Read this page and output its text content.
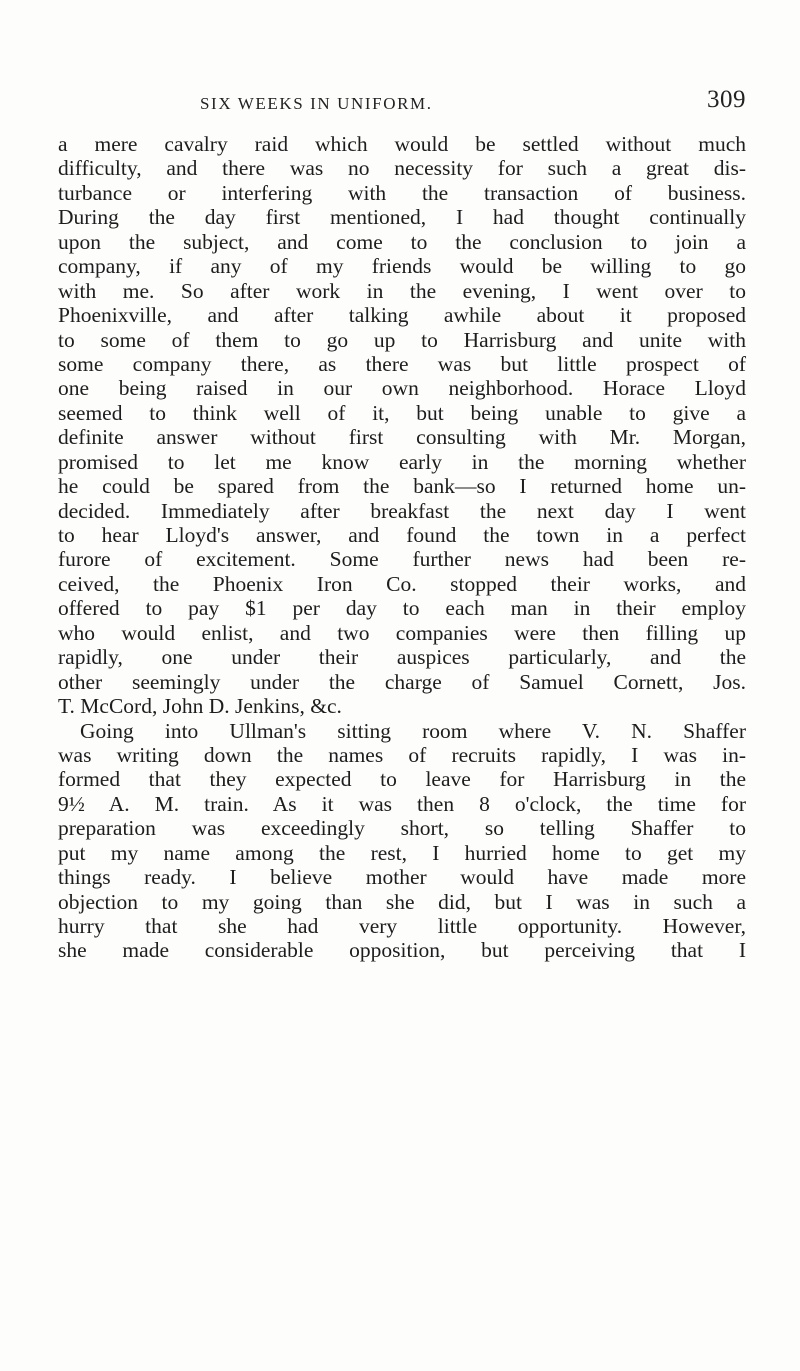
SIX WEEKS IN UNIFORM.	309
a mere cavalry raid which would be settled without much
difficulty, and there was no necessity for such a great dis-
turbance or interfering with the transaction of business.
During the day first mentioned, I had thought continually
upon the subject, and come to the conclusion to join a
company, if any of my friends would be willing to go
with me. So after work in the evening, I went over to
Phoenixville, and after talking awhile about it proposed
to some of them to go up to Harrisburg and unite with
some company there, as there was but little prospect of
one being raised in our own neighborhood. Horace Lloyd
seemed to think well of it, but being unable to give a
definite answer without first consulting with Mr. Morgan,
promised to let me know early in the morning whether
he could be spared from the bank—so I returned home un-
decided. Immediately after breakfast the next day I went
to hear Lloyd's answer, and found the town in a perfect
furore of excitement. Some further news had been re-
ceived, the Phoenix Iron Co. stopped their works, and
offered to pay $1 per day to each man in their employ
who would enlist, and two companies were then filling up
rapidly, one under their auspices particularly, and the
other seemingly under the charge of Samuel Cornett, Jos.
T. McCord, John D. Jenkins, &c.
Going into Ullman's sitting room where V. N. Shaffer
was writing down the names of recruits rapidly, I was in-
formed that they expected to leave for Harrisburg in the
9½ A. M. train. As it was then 8 o'clock, the time for
preparation was exceedingly short, so telling Shaffer to
put my name among the rest, I hurried home to get my
things ready. I believe mother would have made more
objection to my going than she did, but I was in such a
hurry that she had very little opportunity. However,
she made considerable opposition, but perceiving that I
